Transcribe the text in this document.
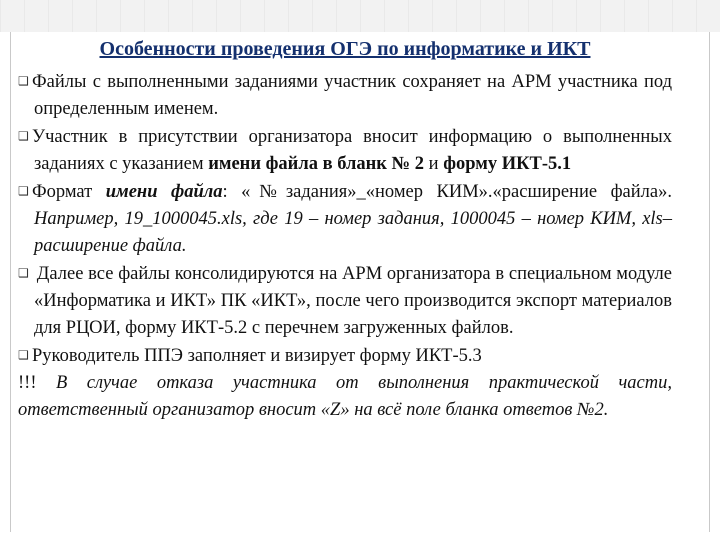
Особенности проведения ОГЭ по информатике и ИКТ

❑ Файлы с выполненными заданиями участник сохраняет на АРМ участника под определенным именем.

❑ Участник в присутствии организатора вносит информацию о выполненных заданиях с указанием имени файла в бланк № 2 и форму ИКТ-5.1

❑ Формат имени файла: «№задания»_«номер КИМ».«расширение файла». Например, 19_1000045.xls, где 19 – номер задания, 1000045 – номер КИМ, xls– расширение файла.

❑ Далее все файлы консолидируются на АРМ организатора в специальном модуле «Информатика и ИКТ» ПК «ИКТ», после чего производится экспорт материалов для РЦОИ, форму ИКТ-5.2 с перечнем загруженных файлов.

❑ Руководитель ППЭ заполняет и визирует форму ИКТ-5.3

!!! В случае отказа участника от выполнения практической части, ответственный организатор вносит «Z» на всё поле бланка ответов №2.
